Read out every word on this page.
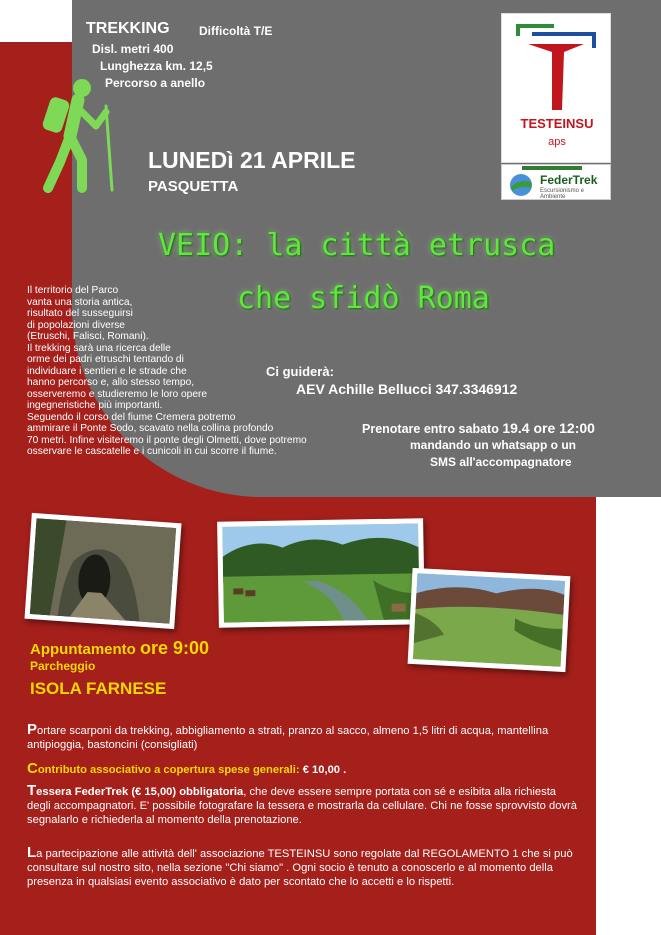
TREKKING Difficoltà T/E
Disl. metri 400
Lunghezza km. 12,5
Percorso a anello
TESTEINSU
aps
FederTrek
Escursionismo e Ambiente
LUNEDì 21 APRILE
PASQUETTA
VEIO: la città etrusca
che sfidò Roma
Il territorio del Parco
vanta una storia antica,
risultato del susseguirsi
di popolazioni diverse
(Etruschi, Falisci, Romani).
Il trekking sarà una ricerca delle
orme dei padri etruschi tentando di
individuare i sentieri e le strade che
hanno percorso e, allo stesso tempo,
osserveremo e studieremo le loro opere
ingegneristiche più importanti.
Seguendo il corso del fiume Cremera potremo
ammirare il Ponte Sodo, scavato nella collina profondo
70 metri. Infine visiteremo il ponte degli Olmetti, dove potremo
osservare le cascatelle e i cunicoli in cui scorre il fiume.
Ci guiderà:
AEV Achille Bellucci 347.3346912
Prenotare entro sabato 19.4 ore 12:00
mandando un whatsapp o un
SMS all'accompagnatore
Appuntamento ore 9:00
Parcheggio
ISOLA FARNESE
Portare scarponi da trekking, abbigliamento a strati, pranzo al sacco, almeno 1,5 litri di acqua, mantellina antipioggia, bastoncini (consigliati)
Contributo associativo a copertura spese generali: € 10,00 .
Tessera FederTrek (€ 15,00) obbligatoria, che deve essere sempre portata con sé e esibita alla richiesta degli accompagnatori. E' possibile fotografare la tessera e mostrarla da cellulare. Chi ne fosse sprovvisto dovrà segnalarlo e richiederla al momento della prenotazione.
La partecipazione alle attività dell' associazione TESTEINSU sono regolate dal REGOLAMENTO 1 che si può consultare sul nostro sito, nella sezione "Chi siamo" . Ogni socio è tenuto a conoscerlo e al momento della presenza in qualsiasi evento associativo è dato per scontato che lo accetti e lo rispetti.
